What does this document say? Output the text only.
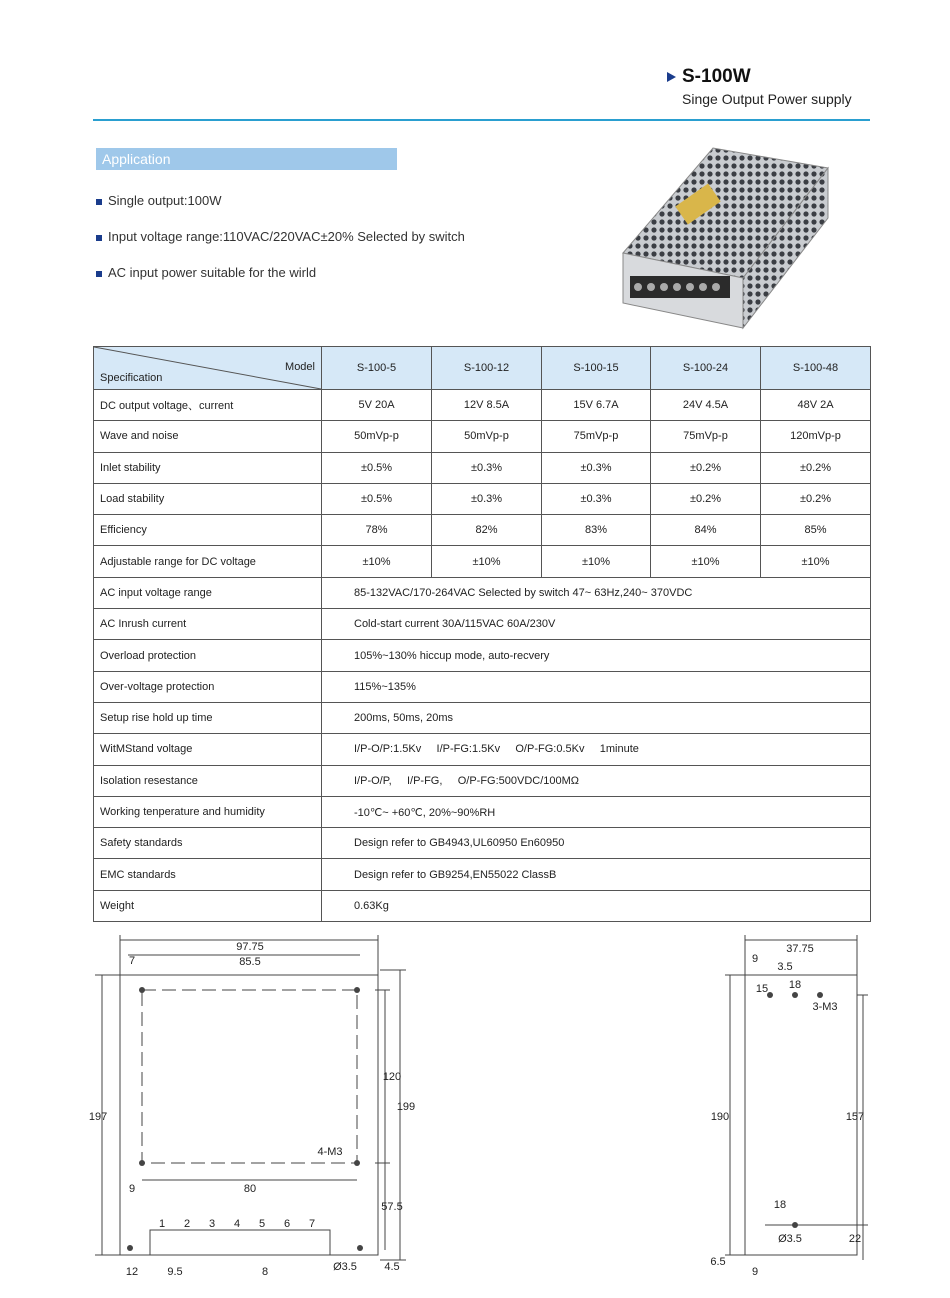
S-100W
Singe Output Power supply
Application
Single output:100W
Input voltage range:110VAC/220VAC±20% Selected by switch
AC input power suitable for the wirld
Model
Specification	S-100-5	S-100-12	S-100-15	S-100-24	S-100-48
DC output voltage、current	5V 20A	12V 8.5A	15V 6.7A	24V 4.5A	48V 2A
Wave and noise	50mVp-p	50mVp-p	75mVp-p	75mVp-p	120mVp-p
Inlet stability	±0.5%	±0.3%	±0.3%	±0.2%	±0.2%
Load stability	±0.5%	±0.3%	±0.3%	±0.2%	±0.2%
Efficiency	78%	82%	83%	84%	85%
Adjustable range for DC voltage	±10%	±10%	±10%	±10%	±10%
AC input voltage range	85-132VAC/170-264VAC Selected by switch 47~ 63Hz,240~ 370VDC				
AC Inrush current	Cold-start current 30A/115VAC 60A/230V				
Overload protection	105%~130% hiccup mode, auto-recvery				
Over-voltage protection	115%~135%				
Setup rise hold up time	200ms, 50ms, 20ms				
WitMStand voltage	I/P-O/P:1.5Kv     I/P-FG:1.5Kv     O/P-FG:0.5Kv     1minute				
Isolation resestance	I/P-O/P,     I/P-FG,     O/P-FG:500VDC/100MΩ				
Working tenperature and humidity	-10℃~ +60℃, 20%~90%RH				
Safety standards	Design refer to GB4943,UL60950 En60950				
EMC standards	Design refer to GB9254,EN55022 ClassB				
Weight	0.63Kg				
97.75
85.5
7
197
120
199
80
9
57.5
4.5
12	9.5	8
4-M3
Ø3.5
1 2 3 4 5 6 7
37.75
9
3.5
15 18
3-M3
190	157
18
Ø3.5	22
6.5
9
